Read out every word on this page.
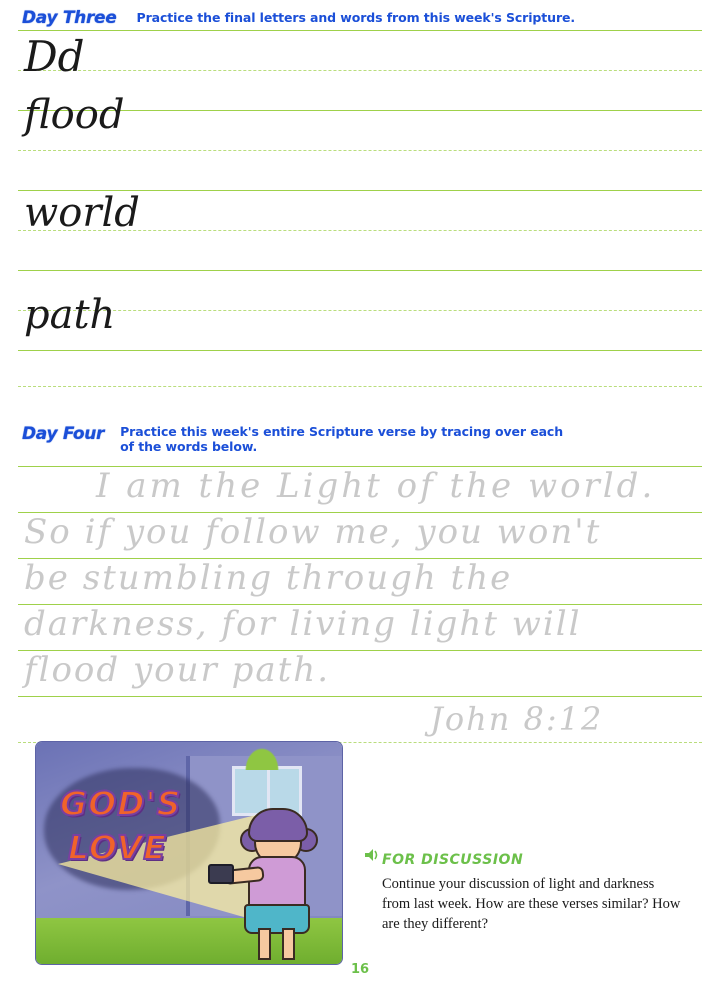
Day Three Practice the final letters and words from this week's Scripture.
Dd
flood
world
path
Day Four Practice this week's entire Scripture verse by tracing over each
of the words below.
I am the Light of the world.
So if you follow me, you won't
be stumbling through the
darkness, for living light will
flood your path.
John 8:12
GOD'S
LOVE	FOR DISCUSSION
Continue your discussion of light and darkness from last week. How are these verses similar? How are they different?
16
